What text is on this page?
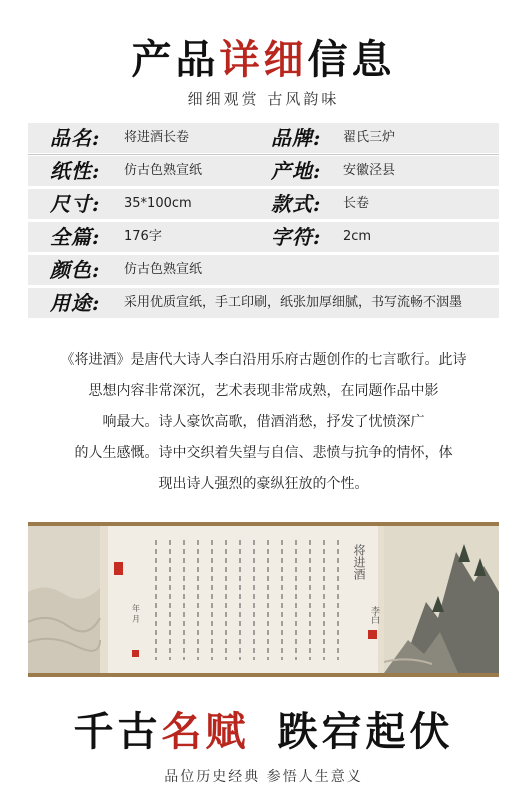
产品详细信息
细细观赏 古风韵味
品名: 将进酒长卷	品牌: 翟氏三炉
纸性: 仿古色熟宣纸	产地: 安徽泾县
尺寸: 35*100cm	款式: 长卷
全篇: 176字	字符: 2cm
颜色: 仿古色熟宣纸
用途: 采用优质宣纸，手工印刷，纸张加厚细腻，书写流畅不洇墨

《将进酒》是唐代大诗人李白沿用乐府古题创作的七言歌行。此诗

思想内容非常深沉，艺术表现非常成熟，在同题作品中影

响最大。诗人豪饮高歌，借酒消愁，抒发了忧愤深广

的人生感慨。诗中交织着失望与自信、悲愤与抗争的情怀，体

现出诗人强烈的豪纵狂放的个性。

将进酒
李白
年 月
千古名赋 跌宕起伏
品位历史经典 参悟人生意义
